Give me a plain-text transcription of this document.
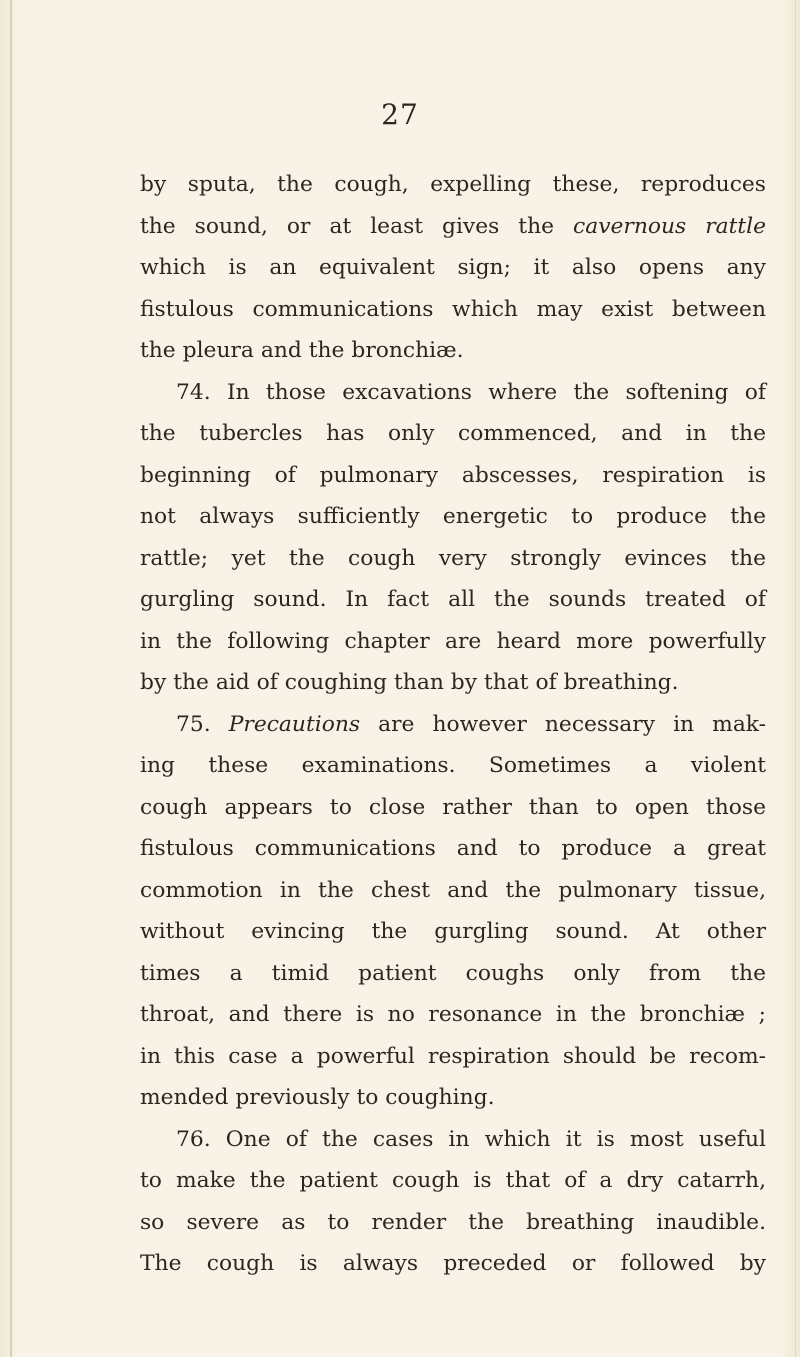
27
by sputa, the cough, expelling these, reproduces
the sound, or at least gives the cavernous rattle
which is an equivalent sign; it also opens any
fistulous communications which may exist between
the pleura and the bronchiæ.
74. In those excavations where the softening of
the tubercles has only commenced, and in the
beginning of pulmonary abscesses, respiration is
not always sufficiently energetic to produce the
rattle; yet the cough very strongly evinces the
gurgling sound. In fact all the sounds treated of
in the following chapter are heard more powerfully
by the aid of coughing than by that of breathing.
75. Precautions are however necessary in mak-
ing these examinations. Sometimes a violent
cough appears to close rather than to open those
fistulous communications and to produce a great
commotion in the chest and the pulmonary tissue,
without evincing the gurgling sound. At other
times a timid patient coughs only from the
throat, and there is no resonance in the bronchiæ ;
in this case a powerful respiration should be recom-
mended previously to coughing.
76. One of the cases in which it is most useful
to make the patient cough is that of a dry catarrh,
so severe as to render the breathing inaudible.
The cough is always preceded or followed by
